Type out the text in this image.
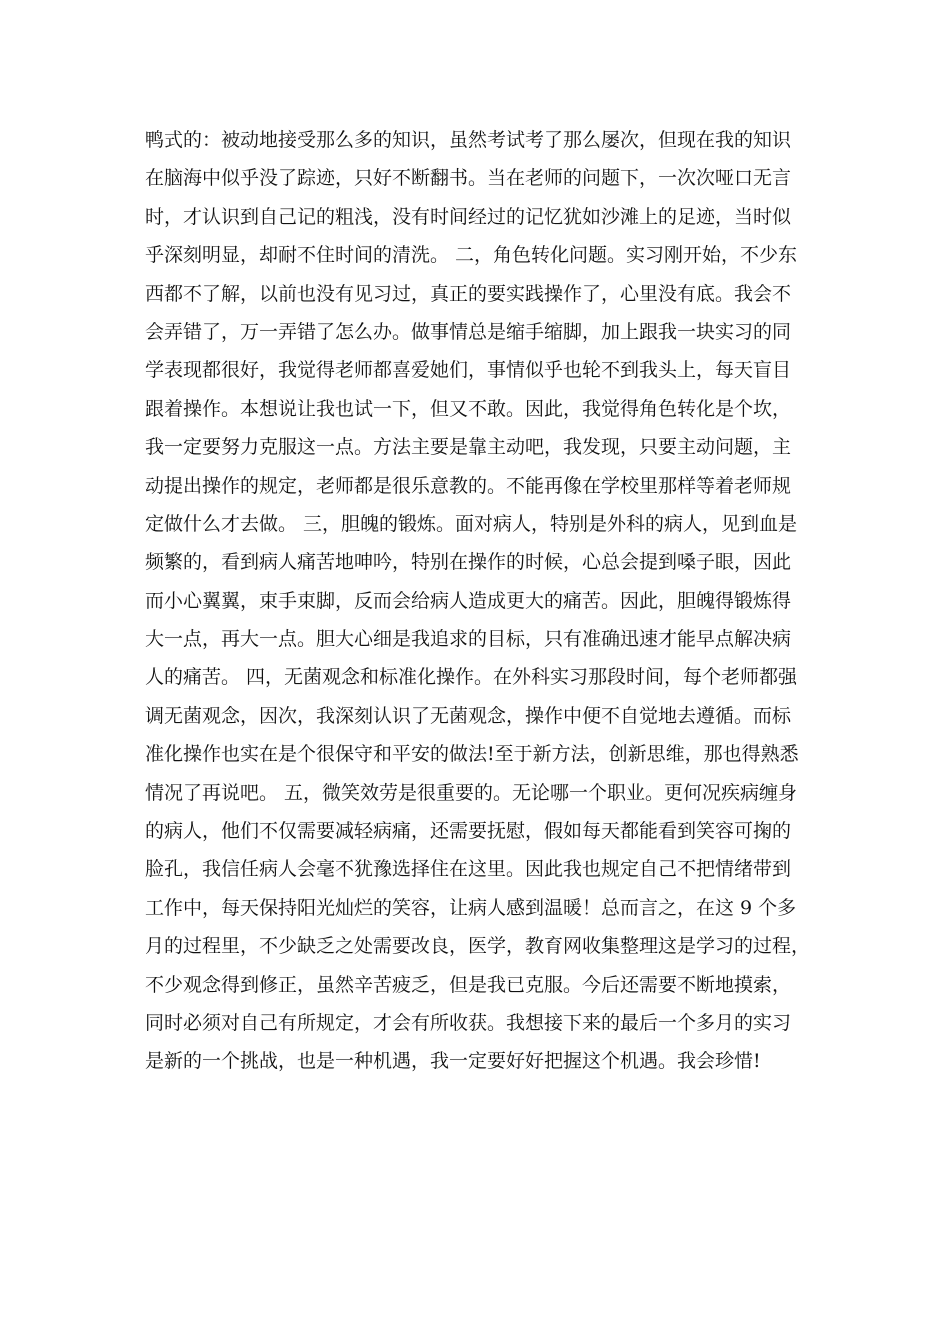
鸭式的：被动地接受那么多的知识，虽然考试考了那么屡次，但现在我的知识
在脑海中似乎没了踪迹，只好不断翻书。当在老师的问题下，一次次哑口无言
时，才认识到自己记的粗浅，没有时间经过的记忆犹如沙滩上的足迹，当时似
乎深刻明显，却耐不住时间的清洗。 二，角色转化问题。实习刚开始，不少东
西都不了解，以前也没有见习过，真正的要实践操作了，心里没有底。我会不
会弄错了，万一弄错了怎么办。做事情总是缩手缩脚，加上跟我一块实习的同
学表现都很好，我觉得老师都喜爱她们，事情似乎也轮不到我头上，每天盲目
跟着操作。本想说让我也试一下，但又不敢。因此，我觉得角色转化是个坎，
我一定要努力克服这一点。方法主要是靠主动吧，我发现，只要主动问题，主
动提出操作的规定，老师都是很乐意教的。不能再像在学校里那样等着老师规
定做什么才去做。 三，胆魄的锻炼。面对病人，特别是外科的病人，见到血是
频繁的，看到病人痛苦地呻吟，特别在操作的时候，心总会提到嗓子眼，因此
而小心翼翼，束手束脚，反而会给病人造成更大的痛苦。因此，胆魄得锻炼得
大一点，再大一点。胆大心细是我追求的目标，只有准确迅速才能早点解决病
人的痛苦。 四，无菌观念和标准化操作。在外科实习那段时间，每个老师都强
调无菌观念，因次，我深刻认识了无菌观念，操作中便不自觉地去遵循。而标
准化操作也实在是个很保守和平安的做法!至于新方法，创新思维，那也得熟悉
情况了再说吧。 五，微笑效劳是很重要的。无论哪一个职业。更何况疾病缠身
的病人，他们不仅需要减轻病痛，还需要抚慰，假如每天都能看到笑容可掬的
脸孔，我信任病人会毫不犹豫选择住在这里。因此我也规定自己不把情绪带到
工作中，每天保持阳光灿烂的笑容，让病人感到温暖！总而言之，在这 9 个多
月的过程里，不少缺乏之处需要改良，医学，教育网收集整理这是学习的过程，
不少观念得到修正，虽然辛苦疲乏，但是我已克服。今后还需要不断地摸索，
同时必须对自己有所规定，才会有所收获。我想接下来的最后一个多月的实习
是新的一个挑战，也是一种机遇，我一定要好好把握这个机遇。我会珍惜!
